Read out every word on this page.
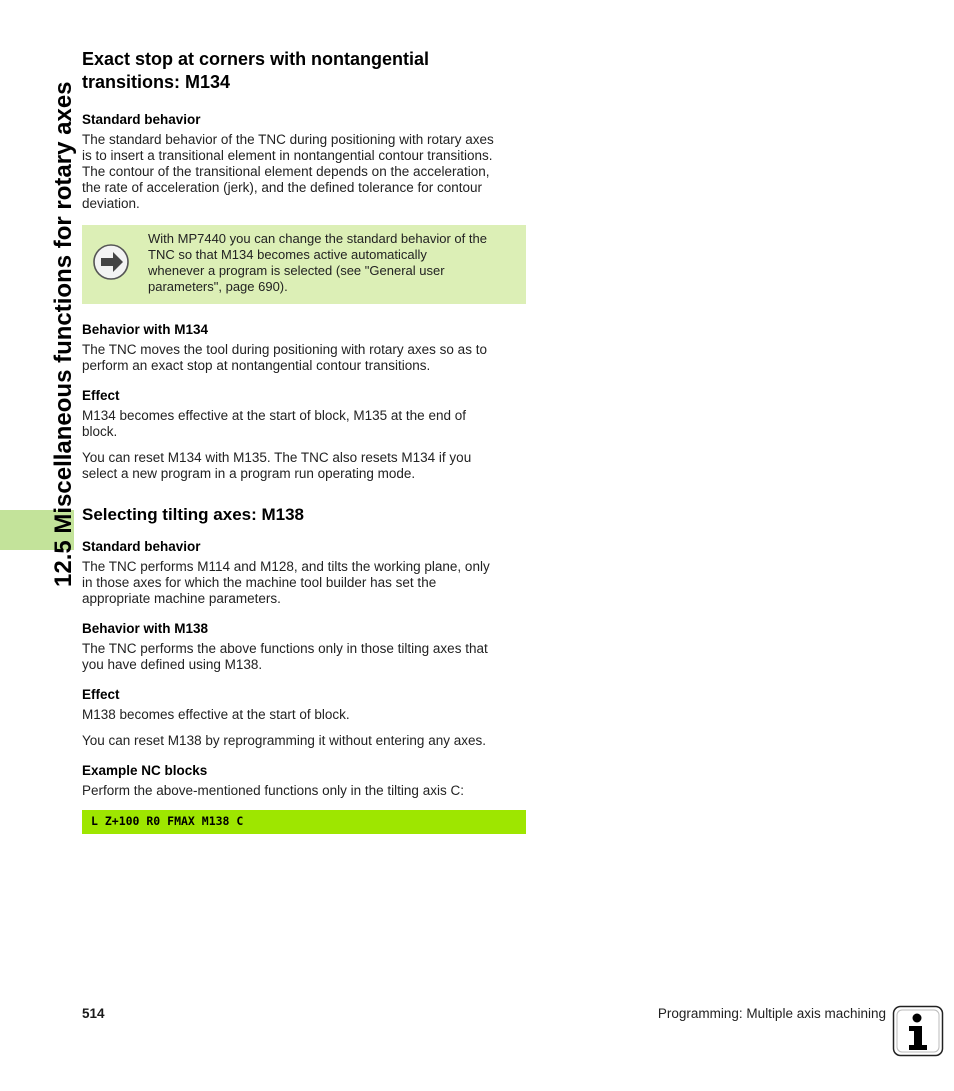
12.5 Miscellaneous functions for rotary axes
Exact stop at corners with nontangential
transitions: M134
Standard behavior

The standard behavior of the TNC during positioning with rotary axes
is to insert a transitional element in nontangential contour transitions.
The contour of the transitional element depends on the acceleration,
the rate of acceleration (jerk), and the defined tolerance for contour
deviation.

With MP7440 you can change the standard behavior of the
TNC so that M134 becomes active automatically
whenever a program is selected (see "General user
parameters", page 690).

Behavior with M134

The TNC moves the tool during positioning with rotary axes so as to
perform an exact stop at nontangential contour transitions.

Effect

M134 becomes effective at the start of block, M135 at the end of
block.

You can reset M134 with M135. The TNC also resets M134 if you
select a new program in a program run operating mode.

Selecting tilting axes: M138
Standard behavior

The TNC performs M114 and M128, and tilts the working plane, only
in those axes for which the machine tool builder has set the
appropriate machine parameters.

Behavior with M138

The TNC performs the above functions only in those tilting axes that
you have defined using M138.

Effect

M138 becomes effective at the start of block.

You can reset M138 by reprogramming it without entering any axes.

Example NC blocks

Perform the above-mentioned functions only in the tilting axis C:

L Z+100 R0 FMAX M138 C
514	Programming: Multiple axis machining
